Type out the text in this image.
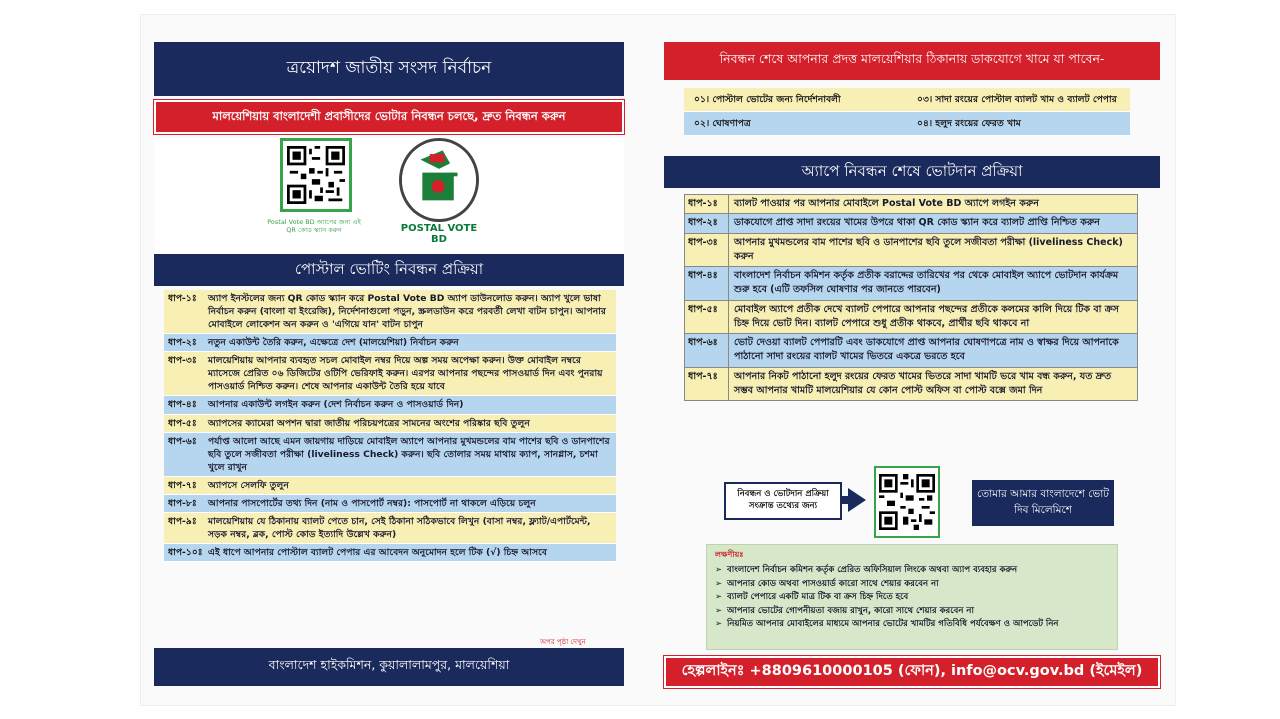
ত্রয়োদশ জাতীয় সংসদ নির্বাচন
মালয়েশিয়ায় বাংলাদেশী প্রবাসীদের ভোটার নিবন্ধন চলছে, দ্রুত নিবন্ধন করুন
Postal Vote BD অ্যাপের জন্য এই QR কোড স্ক্যান করুন	POSTAL VOTE BD
পোস্টাল ভোটিং নিবন্ধন প্রক্রিয়া
ধাপ-১ঃ	অ্যাপ ইনস্টলের জন্য QR কোড স্ক্যান করে Postal Vote BD অ্যাপ ডাউনলোড করুন। অ্যাপ খুলে ভাষা নির্বাচন করুন (বাংলা বা ইংরেজি), নির্দেশনাগুলো পড়ুন, স্ক্রলডাউন করে পরবর্তী লেখা বাটন চাপুন। আপনার মোবাইলে লোকেশন অন করুন ও 'এগিয়ে যান' বাটন চাপুন
ধাপ-২ঃ	নতুন একাউন্ট তৈরি করুন, এক্ষেত্রে দেশ (মালয়েশিয়া) নির্বাচন করুন
ধাপ-৩ঃ	মালয়েশিয়ায় আপনার ব্যবহৃত সচল মোবাইল নম্বর দিয়ে অল্প সময় অপেক্ষা করুন। উক্ত মোবাইল নম্বরে ম্যাসেজে প্রেরিত ০৬ ডিজিটের ওটিপি ভেরিফাই করুন। এরপর আপনার পছন্দের পাসওয়ার্ড দিন এবং পুনরায় পাসওয়ার্ড নিশ্চিত করুন। শেষে আপনার একাউন্ট তৈরি হয়ে যাবে
ধাপ-৪ঃ	আপনার একাউন্ট লগইন করুন (দেশ নির্বাচন করুন ও পাসওয়ার্ড দিন)
ধাপ-৫ঃ	অ্যাপসের ক্যামেরা অপশন দ্বারা জাতীয় পরিচয়পত্রের সামনের অংশের পরিষ্কার ছবি তুলুন
ধাপ-৬ঃ	পর্যাপ্ত আলো আছে এমন জায়গায় দাড়িয়ে মোবাইল অ্যাপে আপনার মুখমন্ডলের বাম পাশের ছবি ও ডানপাশের ছবি তুলে সজীবতা পরীক্ষা (liveliness Check) করুন। ছবি তোলার সময় মাথায় ক্যাপ, সানগ্লাস, চশমা খুলে রাখুন
ধাপ-৭ঃ	অ্যাপসে সেলফি তুলুন
ধাপ-৮ঃ	আপনার পাসপোর্টের তথ্য দিন (নাম ও পাসপোর্ট নম্বর): পাসপোর্ট না থাকলে এড়িয়ে চলুন
ধাপ-৯ঃ	মালয়েশিয়ায় যে ঠিকানায় ব্যালট পেতে চান, সেই ঠিকানা সঠিকভাবে লিখুন (বাসা নম্বর, ফ্ল্যাট/এপার্টমেন্ট, সড়ক নম্বর, ব্লক, পোস্ট কোড ইত্যাদি উল্লেখ করুন)
ধাপ-১০ঃ এই ধাপে আপনার পোস্টাল ব্যালট পেপার এর আবেদন অনুমোদন হলে টিক (√) চিহ্ন আসবে
অপর পৃষ্ঠা দেখুন
বাংলাদেশ হাইকমিশন, কুয়ালালামপুর, মালয়েশিয়া
নিবন্ধন শেষে আপনার প্রদত্ত মালয়েশিয়ার ঠিকানায় ডাকযোগে খামে যা পাবেন-
০১। পোস্টাল ভোটের জন্য নির্দেশনাবলী	০৩। সাদা রংয়ের পোস্টাল ব্যালট খাম ও ব্যালট পেপার
০২। ঘোষণাপত্র	০৪। হলুদ রংয়ের ফেরত খাম
অ্যাপে নিবন্ধন শেষে ভোটদান প্রক্রিয়া
ধাপ-১ঃ	ব্যালট পাওয়ার পর আপনার মোবাইলে Postal Vote BD অ্যাপে লগইন করুন
ধাপ-২ঃ	ডাকযোগে প্রাপ্ত সাদা রংয়ের খামের উপরে থাকা QR কোড স্ক্যান করে ব্যালট প্রাপ্তি নিশ্চিত করুন
ধাপ-৩ঃ	আপনার মুখমন্ডলের বাম পাশের ছবি ও ডানপাশের ছবি তুলে সজীবতা পরীক্ষা (liveliness Check) করুন
ধাপ-৪ঃ	বাংলাদেশ নির্বাচন কমিশন কর্তৃক প্রতীক বরাদ্দের তারিখের পর থেকে মোবাইল অ্যাপে ভোটদান কার্যক্রম শুরু হবে (এটি তফসিল ঘোষণার পর জানতে পারবেন)
ধাপ-৫ঃ	মোবাইল অ্যাপে প্রতীক দেখে ব্যালট পেপারে আপনার পছন্দের প্রতীকে কলমের কালি দিয়ে টিক বা ক্রস চিহ্ন দিয়ে ভোট দিন। ব্যালট পেপারে শুধু প্রতীক থাকবে, প্রার্থীর ছবি থাকবে না
ধাপ-৬ঃ	ভোট দেওয়া ব্যালট পেপারটি এবং ডাকযোগে প্রাপ্ত আপনার ঘোষণাপত্রে নাম ও স্বাক্ষর দিয়ে আপনাকে পাঠানো সাদা রংয়ের ব্যালট খামের ভিতরে একত্রে ভরতে হবে
ধাপ-৭ঃ	আপনার নিকট পাঠানো হলুদ রংয়ের ফেরত খামের ভিতরে সাদা খামটি ভরে খাম বন্ধ করুন, যত দ্রুত সম্ভব আপনার খামটি মালয়েশিয়ার যে কোন পোস্ট অফিস বা পোস্ট বক্সে জমা দিন
নিবন্ধন ও ভোটদান প্রক্রিয়া সংক্রান্ত তথ্যের জন্য
তোমার আমার বাংলাদেশে ভোট দিব মিলেমিশে
লক্ষণীয়ঃ
➢ বাংলাদেশ নির্বাচন কমিশন কর্তৃক প্রেরিত অফিসিয়াল লিংকে অথবা অ্যাপ ব্যবহার করুন
➢ আপনার কোড অথবা পাসওয়ার্ড কারো সাথে শেয়ার করবেন না
➢ ব্যালট পেপারে একটি মাত্র টিক বা ক্রস চিহ্ন দিতে হবে
➢ আপনার ভোটের গোপনীয়তা বজায় রাখুন, কারো সাথে শেয়ার করবেন না
➢ নিয়মিত আপনার মোবাইলের মাধ্যমে আপনার ভোটের খামটির গতিবিধি পর্যবেক্ষণ ও আপডেট নিন
হেল্পলাইনঃ +8809610000105 (ফোন), info@ocv.gov.bd (ইমেইল)
